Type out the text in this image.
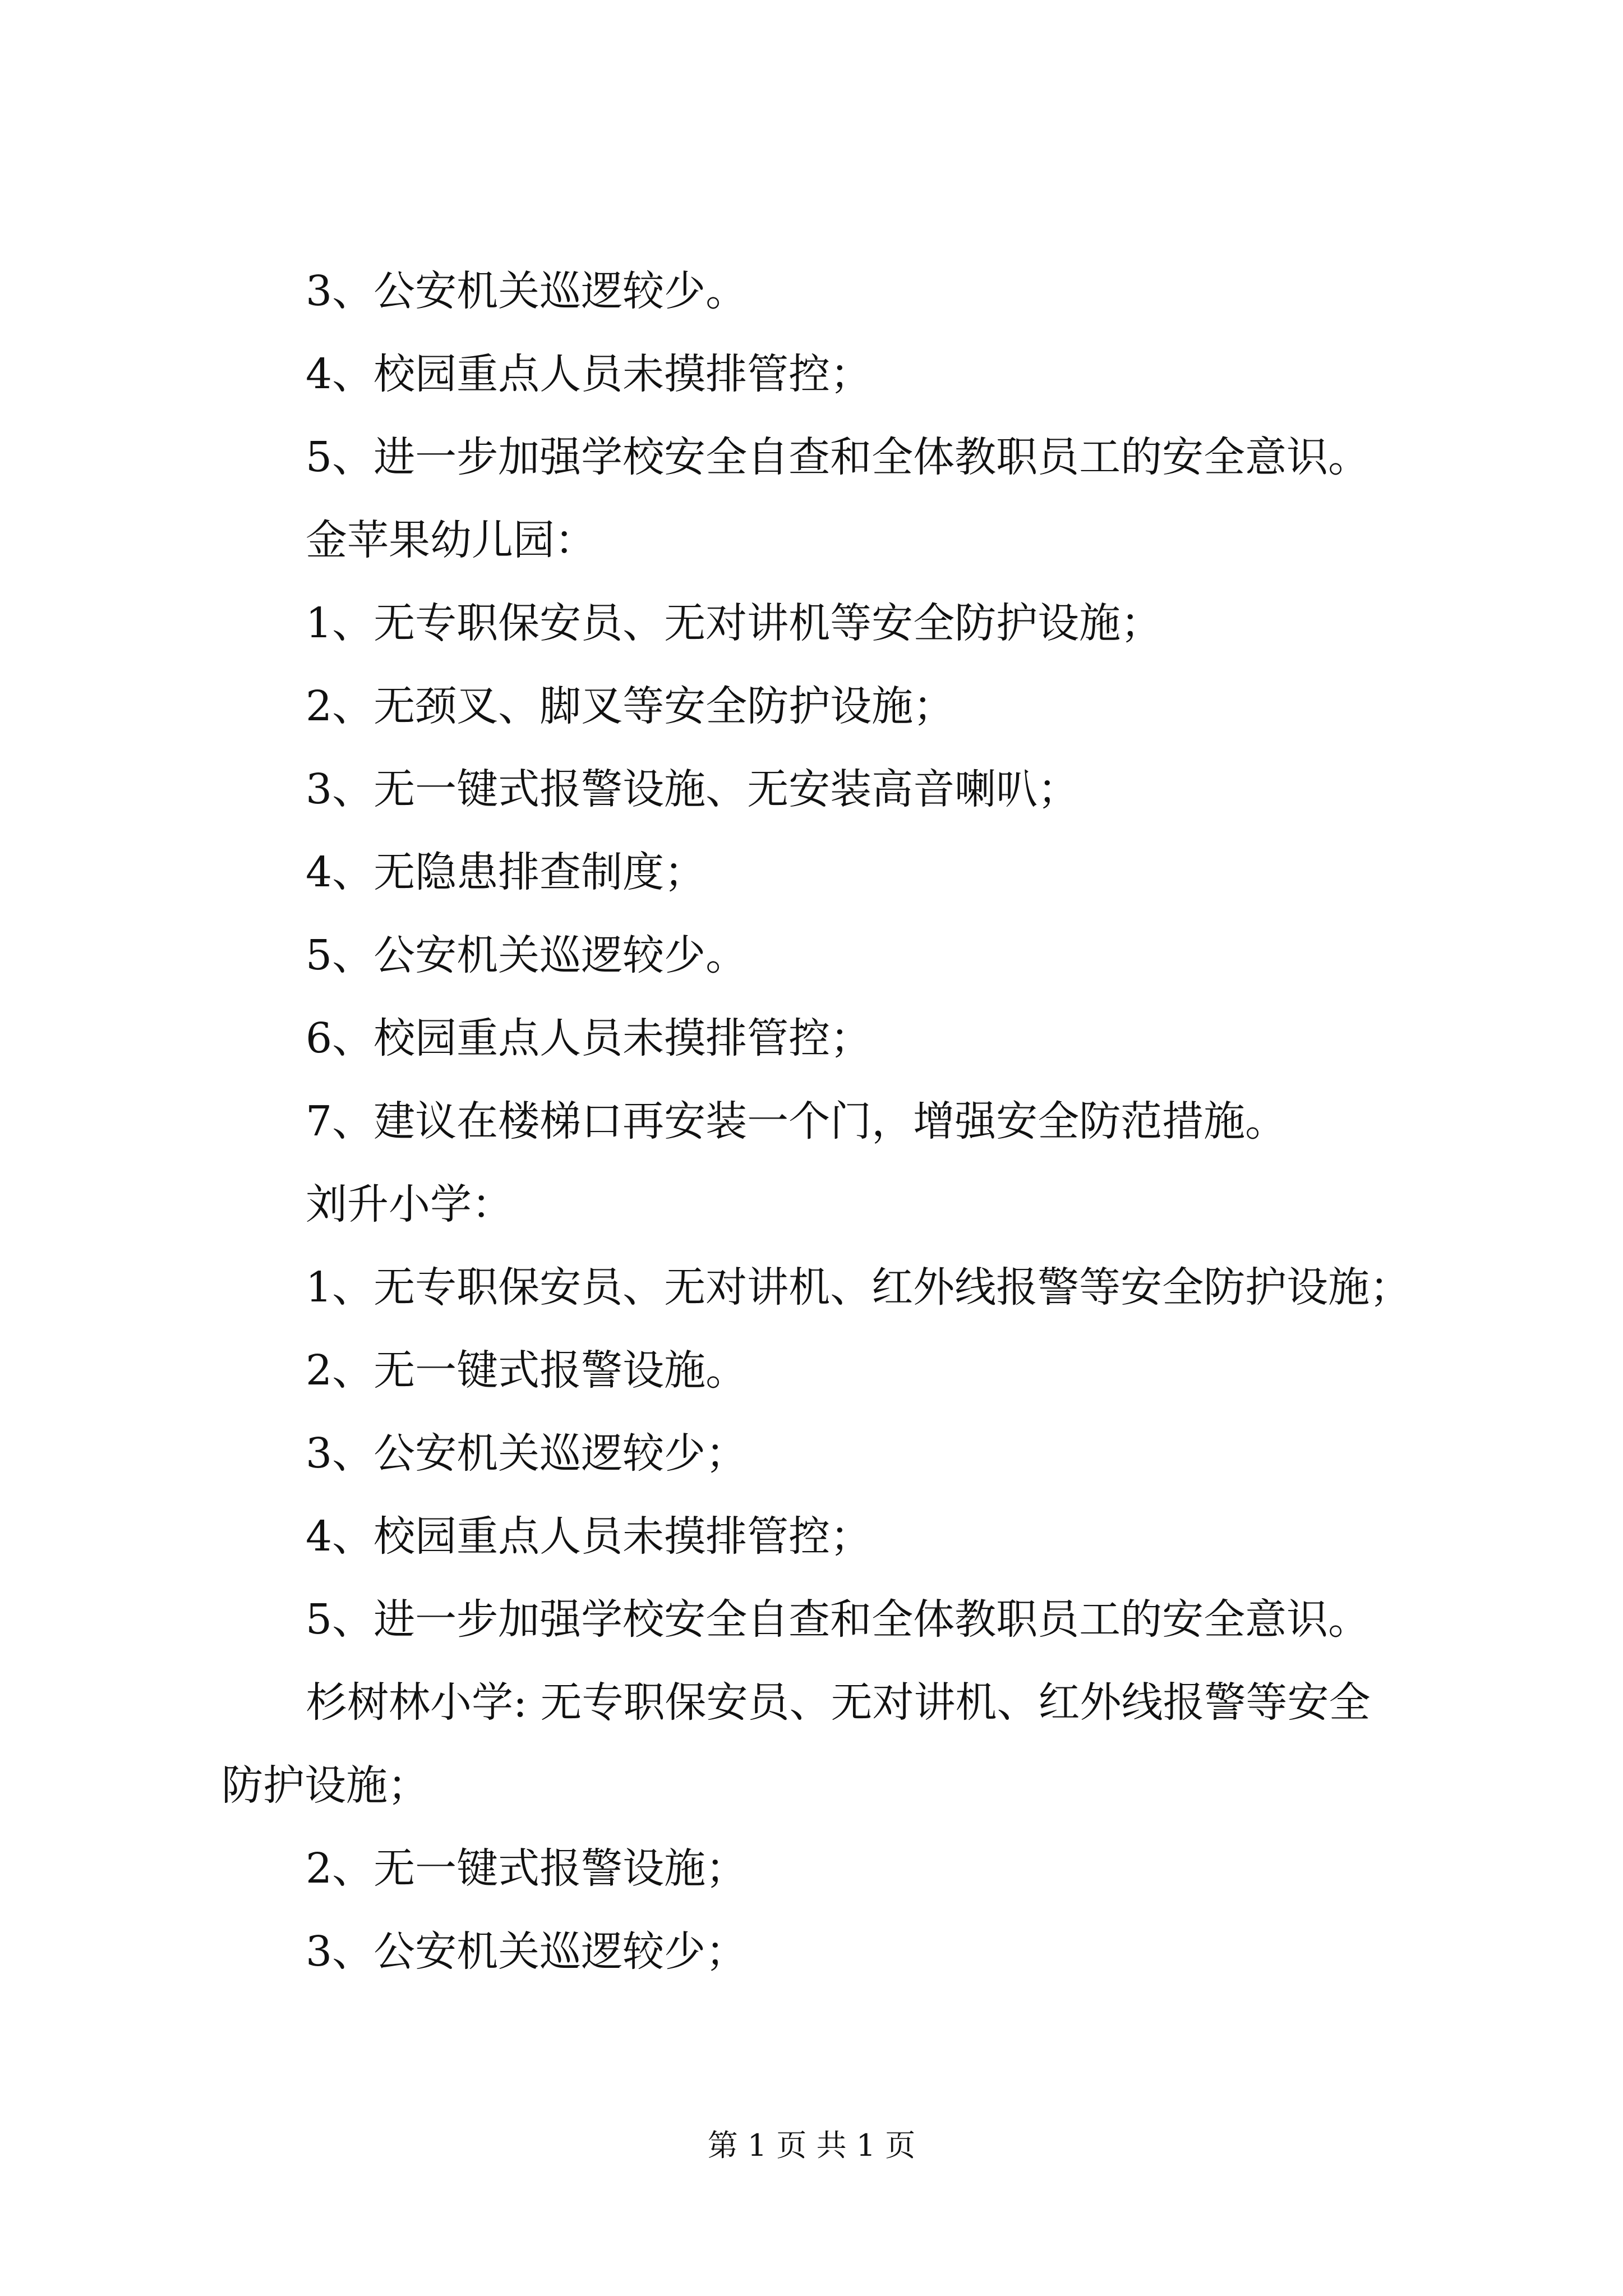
3、公安机关巡逻较少。

4、校园重点人员未摸排管控；

5、进一步加强学校安全自查和全体教职员工的安全意识。

金苹果幼儿园：

1、无专职保安员、无对讲机等安全防护设施；

2、无颈叉、脚叉等安全防护设施；

3、无一键式报警设施、无安装高音喇叭；

4、无隐患排查制度；

5、公安机关巡逻较少。

6、校园重点人员未摸排管控；

7、建议在楼梯口再安装一个门，增强安全防范措施。

刘升小学：

1、无专职保安员、无对讲机、红外线报警等安全防护设施；

2、无一键式报警设施。

3、公安机关巡逻较少；

4、校园重点人员未摸排管控；

5、进一步加强学校安全自查和全体教职员工的安全意识。

杉树林小学: 无专职保安员、无对讲机、红外线报警等安全

防护设施；

2、无一键式报警设施；

3、公安机关巡逻较少；

第 1 页 共 1 页
